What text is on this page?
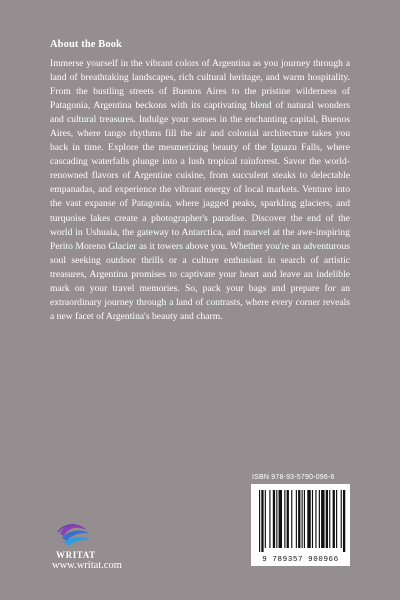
About the Book
Immerse yourself in the vibrant colors of Argentina as you journey through a land of breathtaking landscapes, rich cultural heritage, and warm hospitality. From the bustling streets of Buenos Aires to the pristine wilderness of Patagonia, Argentina beckons with its captivating blend of natural wonders and cultural treasures. Indulge your senses in the enchanting capital, Buenos Aires, where tango rhythms fill the air and colonial architecture takes you back in time. Explore the mesmerizing beauty of the Iguazu Falls, where cascading waterfalls plunge into a lush tropical rainforest. Savor the world-renowned flavors of Argentine cuisine, from succulent steaks to delectable empanadas, and experience the vibrant energy of local markets. Venture into the vast expanse of Patagonia, where jagged peaks, sparkling glaciers, and turquoise lakes create a photographer's paradise. Discover the end of the world in Ushuaia, the gateway to Antarctica, and marvel at the awe-inspiring Perito Moreno Glacier as it towers above you. Whether you're an adventurous soul seeking outdoor thrills or a culture enthusiast in search of artistic treasures, Argentina promises to captivate your heart and leave an indelible mark on your travel memories. So, pack your bags and prepare for an extraordinary journey through a land of contrasts, where every corner reveals a new facet of Argentina's beauty and charm.
ISBN 978-93-5790-096-6
9 789357 900966
WRITAT
www.writat.com
